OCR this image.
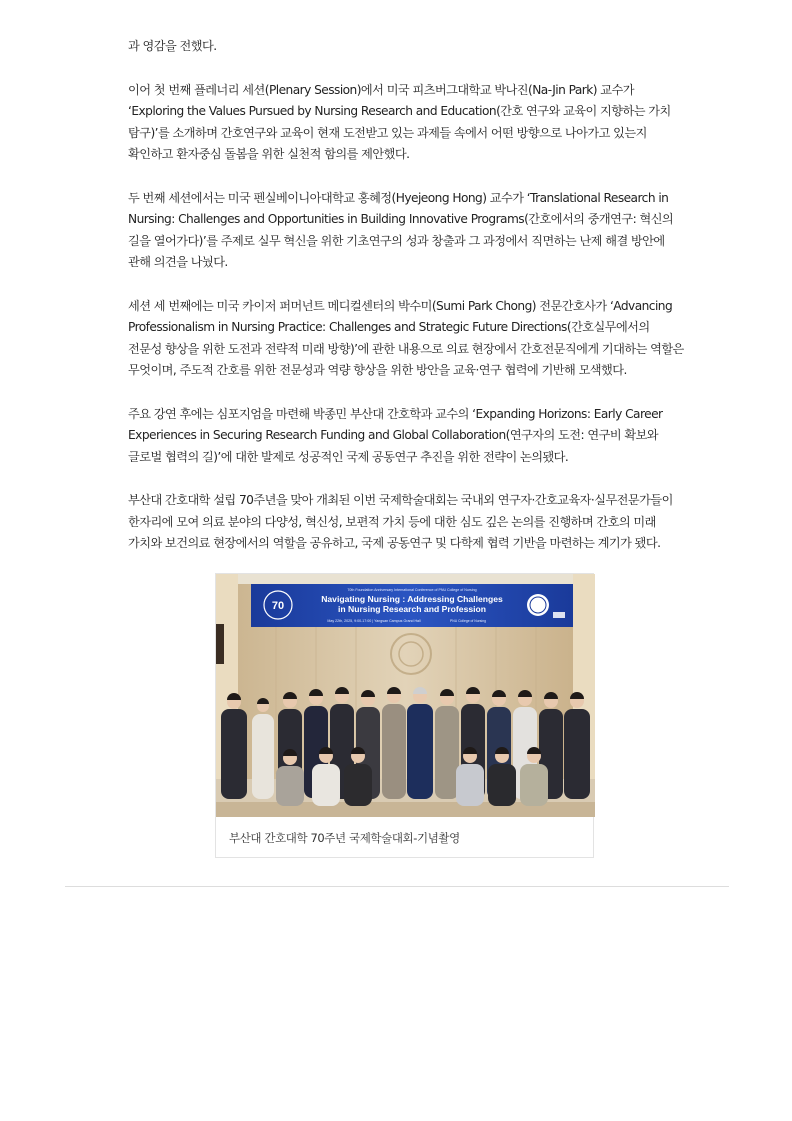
과 영감을 전했다.

이어 첫 번째 플레너리 세션(Plenary Session)에서 미국 피츠버그대학교 박나진(Na-Jin Park) 교수가 ‘Exploring the Values Pursued by Nursing Research and Education(간호 연구와 교육이 지향하는 가치 탐구)’를 소개하며 간호연구와 교육이 현재 도전받고 있는 과제들 속에서 어떤 방향으로 나아가고 있는지 확인하고 환자중심 돌봄을 위한 실천적 함의를 제안했다.

두 번째 세션에서는 미국 펜실베이니아대학교 홍혜정(Hyejeong Hong) 교수가 ‘Translational Research in Nursing: Challenges and Opportunities in Building Innovative Programs(간호에서의 중개연구: 혁신의 길을 열어가다)’를 주제로 실무 혁신을 위한 기초연구의 성과 창출과 그 과정에서 직면하는 난제 해결 방안에 관해 의견을 나눴다.

세션 세 번째에는 미국 카이저 퍼머넌트 메디컬센터의 박수미(Sumi Park Chong) 전문간호사가 ‘Advancing Professionalism in Nursing Practice: Challenges and Strategic Future Directions(간호실무에서의 전문성 향상을 위한 도전과 전략적 미래 방향)’에 관한 내용으로 의료 현장에서 간호전문직에게 기대하는 역할은 무엇이며, 주도적 간호를 위한 전문성과 역량 향상을 위한 방안을 교육·연구 협력에 기반해 모색했다.

주요 강연 후에는 심포지엄을 마련해 박종민 부산대 간호학과 교수의 ‘Expanding Horizons: Early Career Experiences in Securing Research Funding and Global Collaboration(연구자의 도전: 연구비 확보와 글로벌 협력의 길)’에 대한 발제로 성공적인 국제 공동연구 추진을 위한 전략이 논의됐다.

부산대 간호대학 설립 70주년을 맞아 개최된 이번 국제학술대회는 국내외 연구자·간호교육자·실무전문가들이 한자리에 모여 의료 분야의 다양성, 혁신성, 보편적 가치 등에 대한 심도 깊은 논의를 진행하며 간호의 미래 가치와 보건의료 현장에서의 역할을 공유하고, 국제 공동연구 및 다학제 협력 기반을 마련하는 계기가 됐다.

70
70th Foundation Anniversary International Conference of PNU College of Nursing
Navigating Nursing : Addressing Challenges
in Nursing Research and Profession
May 22th, 2025, 9:00-17:00 | Yangsan Campus Grand Hall	PNU College of Nursing
부산대 간호대학 70주년 국제학술대회-기념촬영
